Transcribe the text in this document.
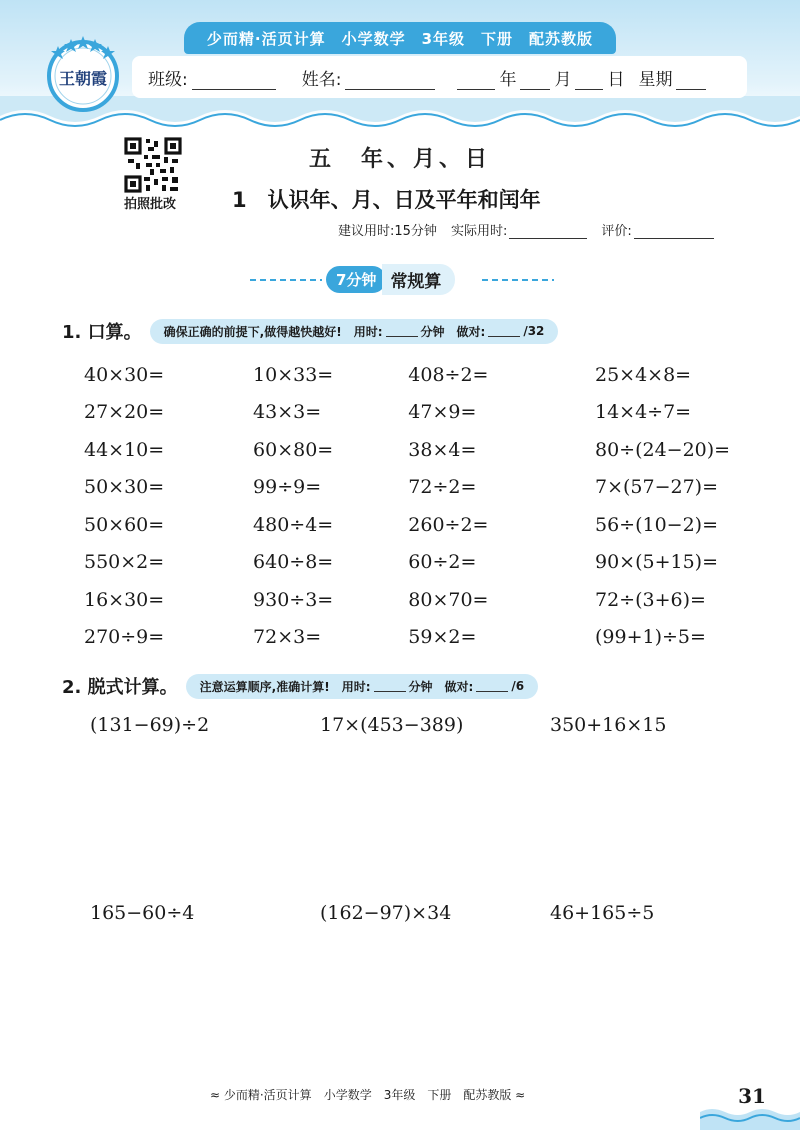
王朝霞
少而精·活页计算　小学数学　3年级　下册　配苏教版
班级:	姓名:	年 月 日 星期
拍照批改
五　年、月、日
1　认识年、月、日及平年和闰年
建议用时:15分钟 实际用时:	评价:
7分钟 常规算
1. 口算。 确保正确的前提下,做得越快越好! 用时:	分钟 做对:	/32
40×30=	10×33=	408÷2=	25×4×8=
27×20=	43×3=	47×9=	14×4÷7=
44×10=	60×80=	38×4=	80÷(24−20)=
50×30=	99÷9=	72÷2=	7×(57−27)=
50×60=	480÷4=	260÷2=	56÷(10−2)=
550×2=	640÷8=	60÷2=	90×(5+15)=
16×30=	930÷3=	80×70=	72÷(3+6)=
270÷9=	72×3=	59×2=	(99+1)÷5=
2. 脱式计算。 注意运算顺序,准确计算! 用时:	分钟 做对:	/6
(131−69)÷2	17×(453−389)	350+16×15
165−60÷4	(162−97)×34	46+165÷5
≈ 少而精·活页计算 小学数学 3年级 下册 配苏教版 ≈	31
